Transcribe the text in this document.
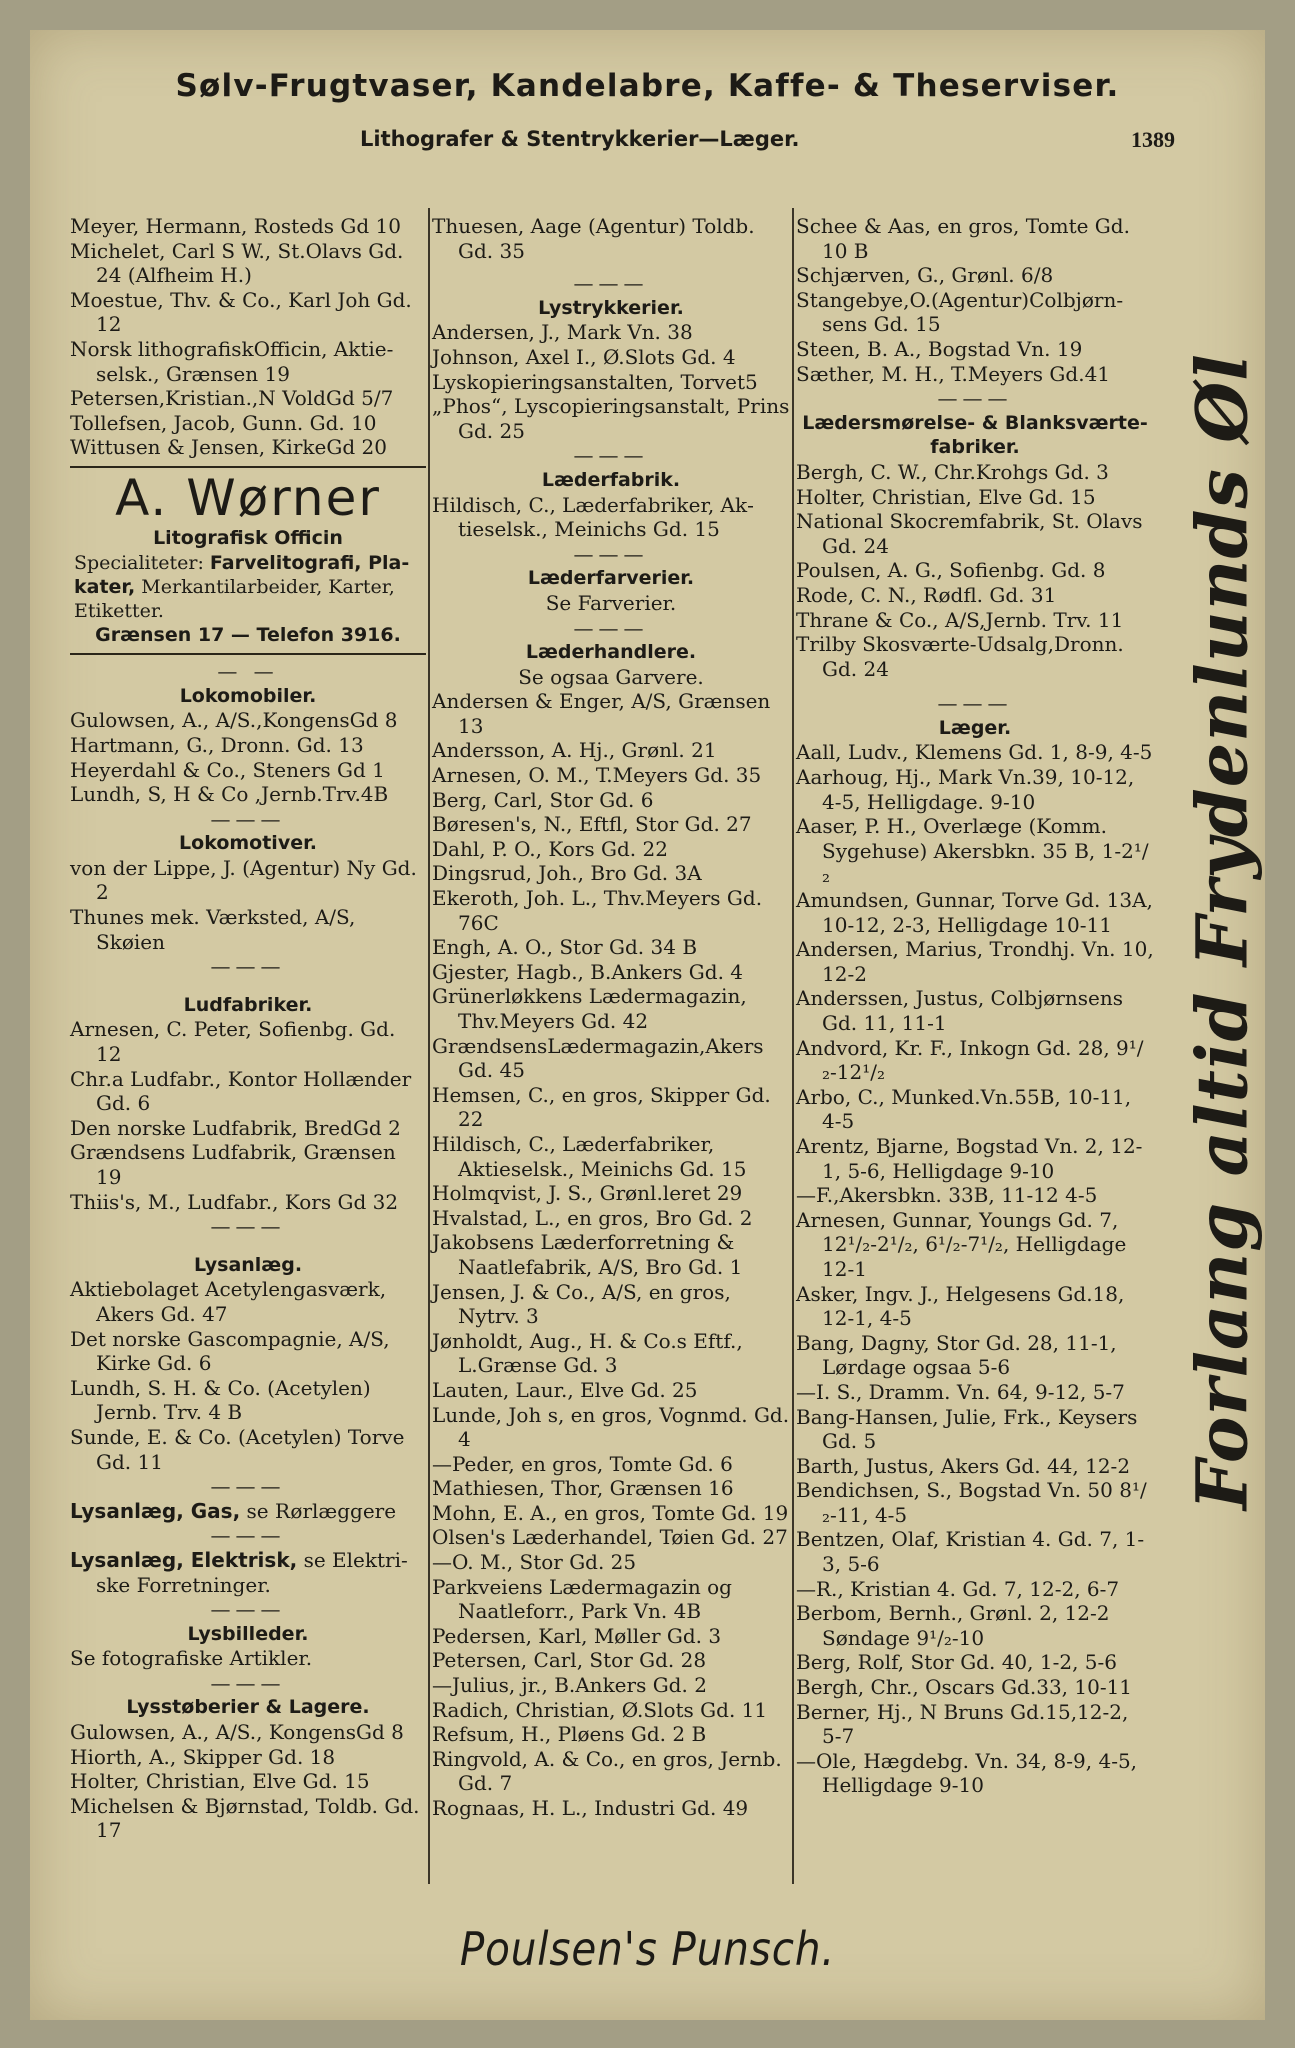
Sølv-Frugtvaser, Kandelabre, Kaffe- & Theserviser.
Lithografer & Stentrykkerier—Læger.	1389
Meyer, Hermann, Rosteds Gd 10
Michelet, Carl S W., St.Olavs Gd. 24 (Alfheim H.)
Moestue, Thv. & Co., Karl Joh Gd. 12
Norsk lithografiskOfficin, Aktieselsk., Grænsen 19
Petersen,Kristian.,N VoldGd 5/7
Tollefsen, Jacob, Gunn. Gd. 10
Wittusen & Jensen, KirkeGd 20
A. Wørner
Litografisk Officin
Specialiteter: Farvelitografi, Plakater, Merkantilarbeider, Karter, Etiketter.
Grænsen 17 — Telefon 3916.
— —
Lokomobiler.
Gulowsen, A., A/S.,KongensGd 8
Hartmann, G., Dronn. Gd. 13
Heyerdahl & Co., Steners Gd 1
Lundh, S, H & Co ,Jernb.Trv.4B
———
Lokomotiver.
von der Lippe, J. (Agentur) Ny Gd. 2
Thunes mek. Værksted, A/S, Skøien
———
Ludfabriker.
Arnesen, C. Peter, Sofienbg. Gd. 12
Chr.a Ludfabr., Kontor Hollænder Gd. 6
Den norske Ludfabrik, BredGd 2
Grændsens Ludfabrik, Grænsen 19
Thiis's, M., Ludfabr., Kors Gd 32
———
Lysanlæg.
Aktiebolaget Acetylengasværk, Akers Gd. 47
Det norske Gascompagnie, A/S, Kirke Gd. 6
Lundh, S. H. & Co. (Acetylen) Jernb. Trv. 4 B
Sunde, E. & Co. (Acetylen) Torve Gd. 11
———
Lysanlæg, Gas, se Rørlæggere
———
Lysanlæg, Elektrisk, se Elektriske Forretninger.
———
Lysbilleder.
Se fotografiske Artikler.
———
Lysstøberier & Lagere.
Gulowsen, A., A/S., KongensGd 8
Hiorth, A., Skipper Gd. 18
Holter, Christian, Elve Gd. 15
Michelsen & Bjørnstad, Toldb. Gd. 17
Thuesen, Aage (Agentur) Toldb. Gd. 35
———
Lystrykkerier.
Andersen, J., Mark Vn. 38
Johnson, Axel I., Ø.Slots Gd. 4
Lyskopieringsanstalten, Torvet5
„Phos“, Lyscopieringsanstalt, Prins Gd. 25
———
Læderfabrik.
Hildisch, C., Læderfabriker, Aktieselsk., Meinichs Gd. 15
———
Læderfarverier.
Se Farverier.
———
Læderhandlere.
Se ogsaa Garvere.
Andersen & Enger, A/S, Grænsen 13
Andersson, A. Hj., Grønl. 21
Arnesen, O. M., T.Meyers Gd. 35
Berg, Carl, Stor Gd. 6
Børesen's, N., Eftfl, Stor Gd. 27
Dahl, P. O., Kors Gd. 22
Dingsrud, Joh., Bro Gd. 3A
Ekeroth, Joh. L., Thv.Meyers Gd. 76C
Engh, A. O., Stor Gd. 34 B
Gjester, Hagb., B.Ankers Gd. 4
Grünerløkkens Lædermagazin, Thv.Meyers Gd. 42
GrændsensLædermagazin,Akers Gd. 45
Hemsen, C., en gros, Skipper Gd. 22
Hildisch, C., Læderfabriker, Aktieselsk., Meinichs Gd. 15
Holmqvist, J. S., Grønl.leret 29
Hvalstad, L., en gros, Bro Gd. 2
Jakobsens Læderforretning & Naatlefabrik, A/S, Bro Gd. 1
Jensen, J. & Co., A/S, en gros, Nytrv. 3
Jønholdt, Aug., H. & Co.s Eftf., L.Grænse Gd. 3
Lauten, Laur., Elve Gd. 25
Lunde, Joh s, en gros, Vognmd. Gd. 4
—Peder, en gros, Tomte Gd. 6
Mathiesen, Thor, Grænsen 16
Mohn, E. A., en gros, Tomte Gd. 19
Olsen's Læderhandel, Tøien Gd. 27
—O. M., Stor Gd. 25
Parkveiens Lædermagazin og Naatleforr., Park Vn. 4B
Pedersen, Karl, Møller Gd. 3
Petersen, Carl, Stor Gd. 28
—Julius, jr., B.Ankers Gd. 2
Radich, Christian, Ø.Slots Gd. 11
Refsum, H., Pløens Gd. 2 B
Ringvold, A. & Co., en gros, Jernb. Gd. 7
Rognaas, H. L., Industri Gd. 49
Schee & Aas, en gros, Tomte Gd. 10 B
Schjærven, G., Grønl. 6/8
Stangebye,O.(Agentur)Colbjørnsens Gd. 15
Steen, B. A., Bogstad Vn. 19
Sæther, M. H., T.Meyers Gd.41
———
Lædersmørelse- & Blanksværtefabriker.
Bergh, C. W., Chr.Krohgs Gd. 3
Holter, Christian, Elve Gd. 15
National Skocremfabrik, St. Olavs Gd. 24
Poulsen, A. G., Sofienbg. Gd. 8
Rode, C. N., Rødfl. Gd. 31
Thrane & Co., A/S,Jernb. Trv. 11
Trilby Skosværte-Udsalg,Dronn. Gd. 24
———
Læger.
Aall, Ludv., Klemens Gd. 1, 8-9, 4-5
Aarhoug, Hj., Mark Vn.39, 10-12, 4-5, Helligdage. 9-10
Aaser, P. H., Overlæge (Komm. Sygehuse) Akersbkn. 35 B, 1-2¹/₂
Amundsen, Gunnar, Torve Gd. 13A, 10-12, 2-3, Helligdage 10-11
Andersen, Marius, Trondhj. Vn. 10, 12-2
Anderssen, Justus, Colbjørnsens Gd. 11, 11-1
Andvord, Kr. F., Inkogn Gd. 28, 9¹/₂-12¹/₂
Arbo, C., Munked.Vn.55B, 10-11, 4-5
Arentz, Bjarne, Bogstad Vn. 2, 12-1, 5-6, Helligdage 9-10
—F.,Akersbkn. 33B, 11-12 4-5
Arnesen, Gunnar, Youngs Gd. 7, 12¹/₂-2¹/₂, 6¹/₂-7¹/₂, Helligdage 12-1
Asker, Ingv. J., Helgesens Gd.18, 12-1, 4-5
Bang, Dagny, Stor Gd. 28, 11-1, Lørdage ogsaa 5-6
—I. S., Dramm. Vn. 64, 9-12, 5-7
Bang-Hansen, Julie, Frk., Keysers Gd. 5
Barth, Justus, Akers Gd. 44, 12-2
Bendichsen, S., Bogstad Vn. 50 8¹/₂-11, 4-5
Bentzen, Olaf, Kristian 4. Gd. 7, 1-3, 5-6
—R., Kristian 4. Gd. 7, 12-2, 6-7
Berbom, Bernh., Grønl. 2, 12-2 Søndage 9¹/₂-10
Berg, Rolf, Stor Gd. 40, 1-2, 5-6
Bergh, Chr., Oscars Gd.33, 10-11
Berner, Hj., N Bruns Gd.15,12-2, 5-7
—Ole, Hægdebg. Vn. 34, 8-9, 4-5, Helligdage 9-10
Forlang altid Frydenlunds Øl
Poulsen's Punsch.
